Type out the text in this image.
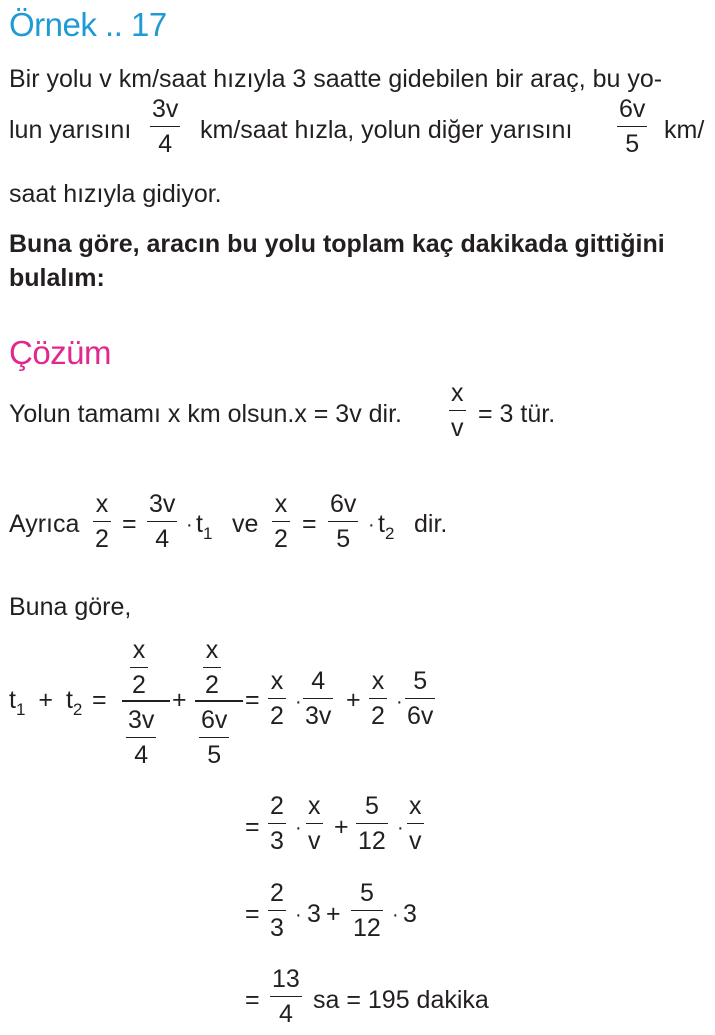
Örnek .. 17
Bir yolu v km/saat hızıyla 3 saatte gidebilen bir araç, bu yo-
lun yarısını $\frac{3v}{4}$ km/saat hızla, yolun diğer yarısını $\frac{6v}{5} km/$
saat hızıyla gidiyor.
Buna göre, aracın bu yolu toplam kaç dakikada gittiğini
bulalım:
Çözüm
Yolun tamamı x km olsun.x = 3v dir. $\frac{x}{v} = 3$ tür.
Ayrıca $\frac{x}{2} = \frac{3v}{4} \cdot t_1$ ve $\frac{x}{2} = \frac{6v}{5} \cdot t_2$ dir.
Buna göre,
$t_1 + t_2$ =
$\frac{x}{2}$
$\frac{3v}{4}$
+
$\frac{x}{2}$
$\frac{6v}{5}$
= $\frac{x}{2} \cdot \frac{4}{3v} + \frac{x}{2} \cdot \frac{5}{6v}$
= $\frac{2}{3} \cdot \frac{x}{v} + \frac{5}{12} \cdot \frac{x}{v}$
= $\frac{2}{3} \cdot 3 + \frac{5}{12} \cdot 3$
= $\frac{13}{4}$ sa = 195 dakika
